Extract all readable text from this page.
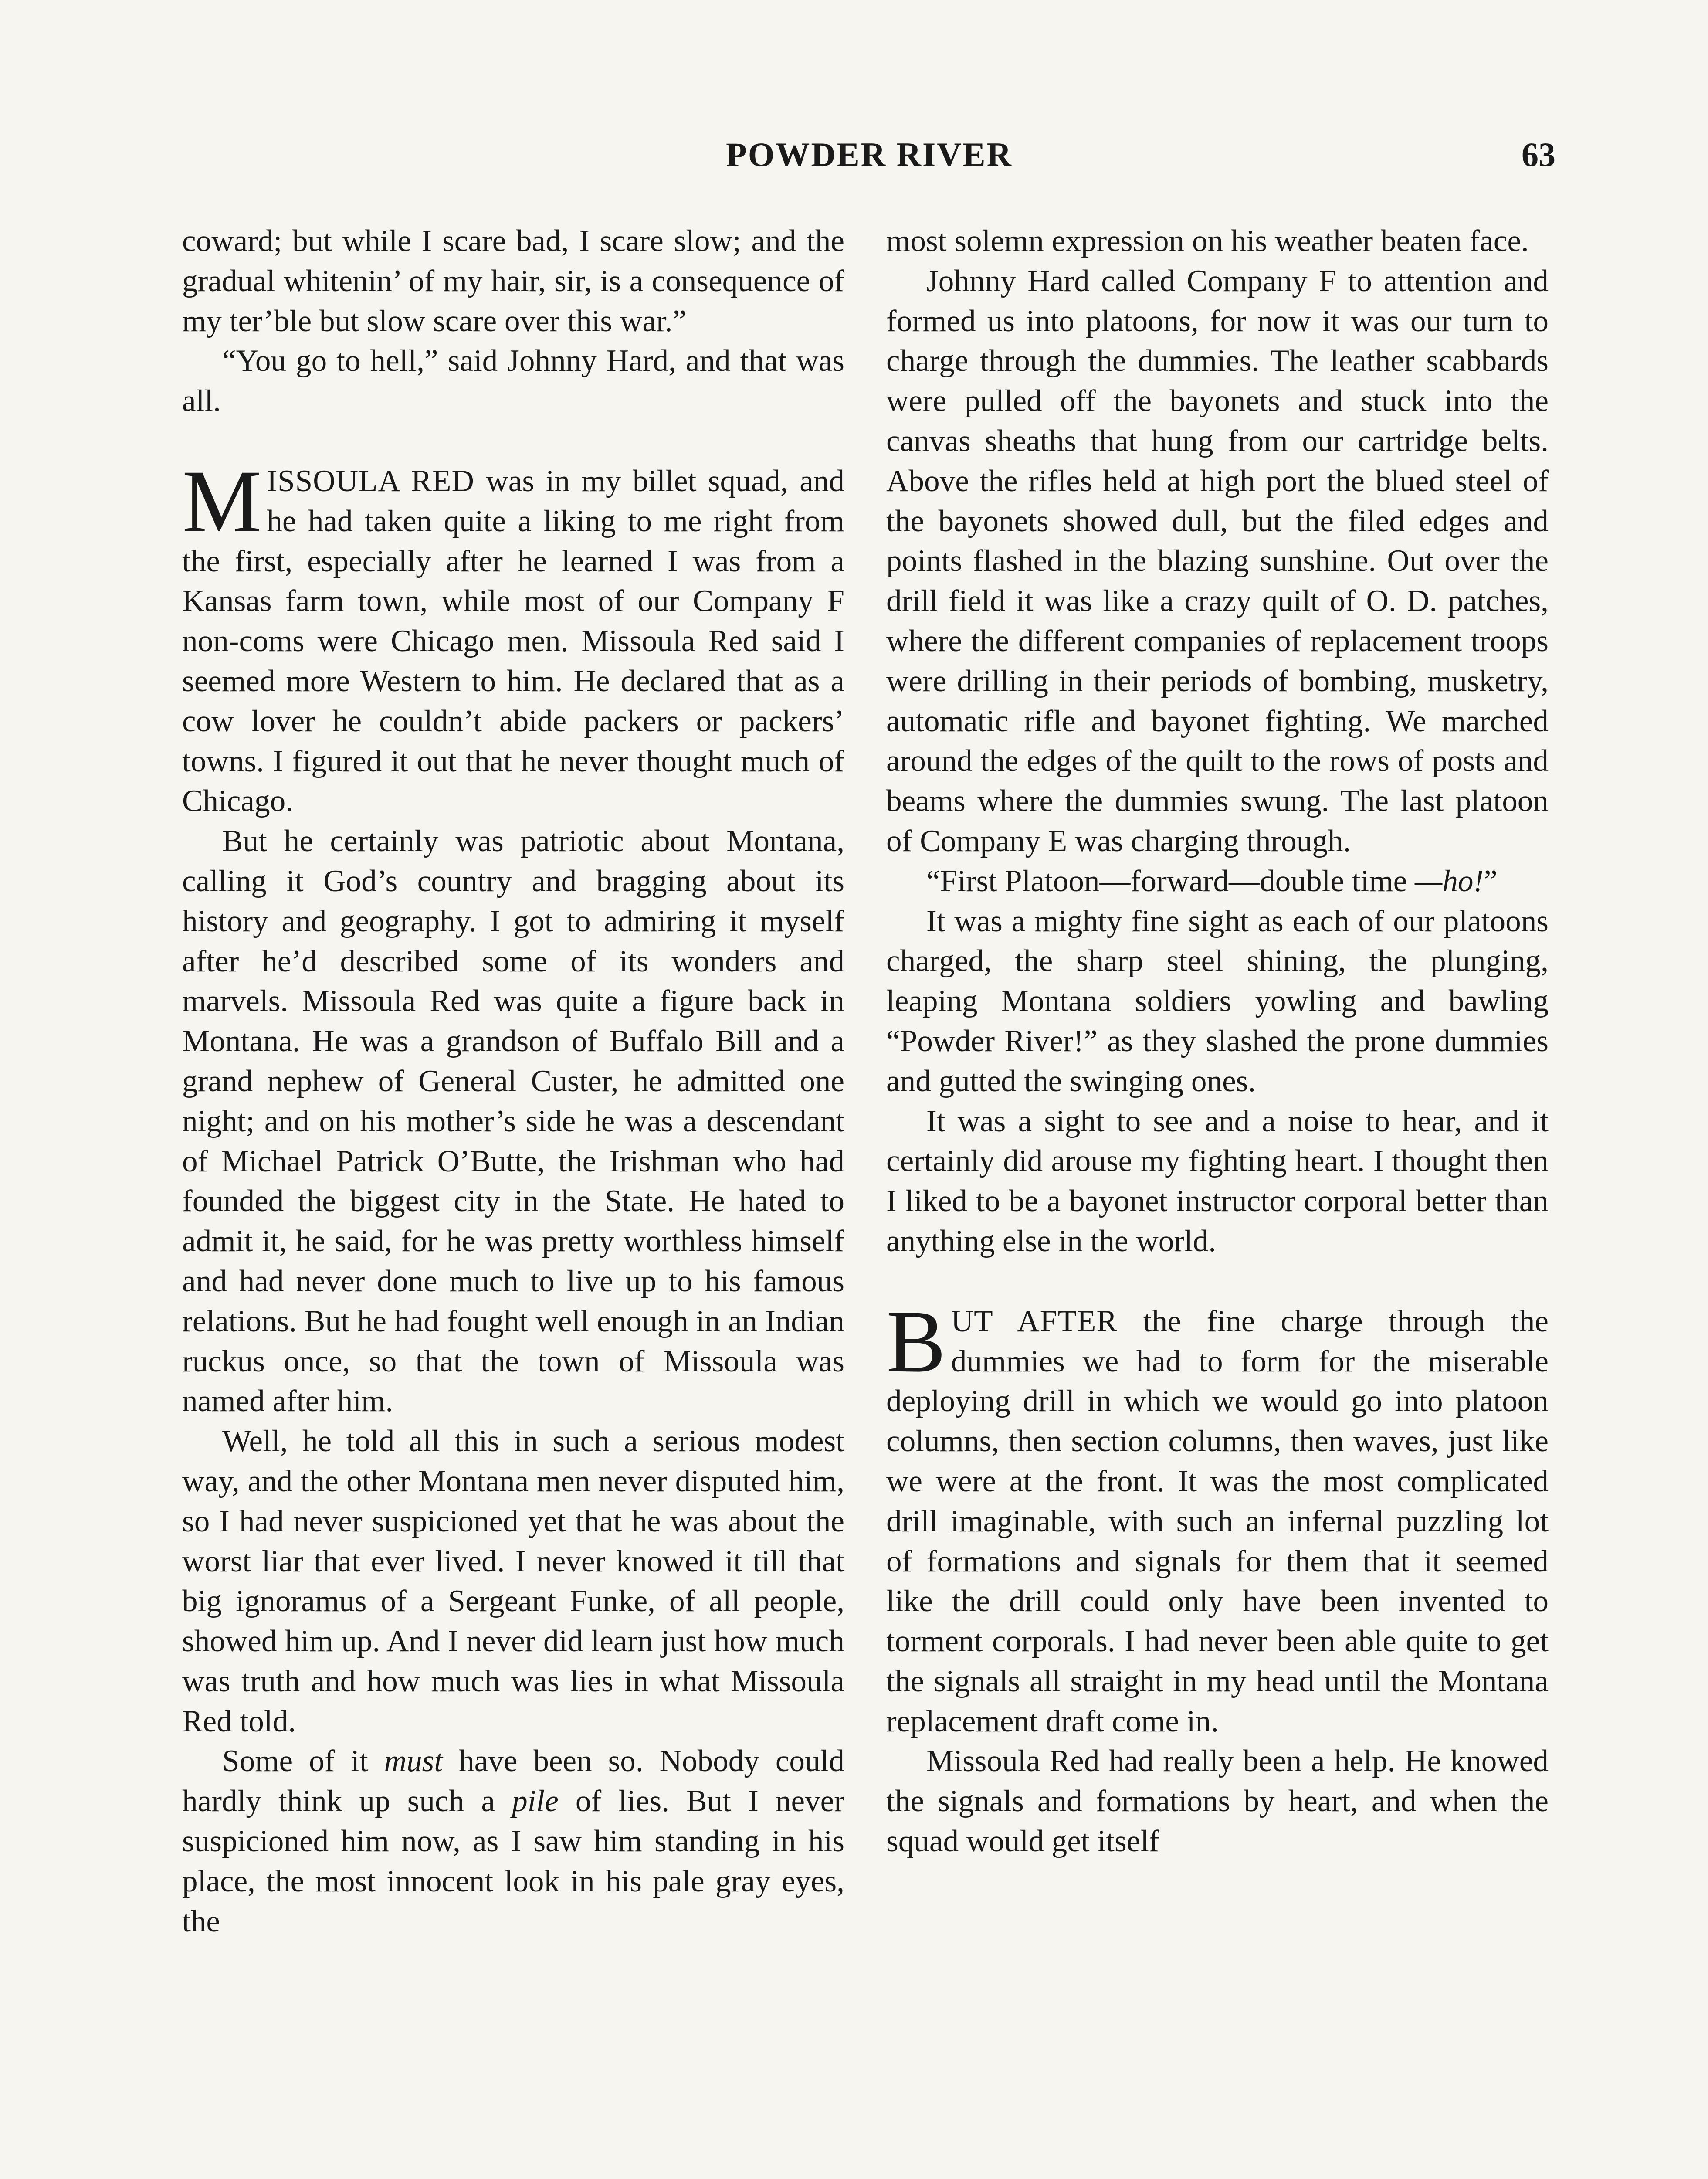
POWDER RIVER	63

coward; but while I scare bad, I scare slow; and the gradual whitenin’ of my hair, sir, is a consequence of my ter’ble but slow scare over this war.”

“You go to hell,” said Johnny Hard, and that was all.

MISSOULA RED was in my billet squad, and he had taken quite a liking to me right from the first, especially after he learned I was from a Kansas farm town, while most of our Company F non-coms were Chicago men. Missoula Red said I seemed more Western to him. He declared that as a cow lover he couldn’t abide packers or packers’ towns. I figured it out that he never thought much of Chicago.

But he certainly was patriotic about Montana, calling it God’s country and bragging about its history and geography. I got to admiring it myself after he’d described some of its wonders and marvels. Missoula Red was quite a figure back in Montana. He was a grandson of Buffalo Bill and a grand nephew of General Custer, he admitted one night; and on his mother’s side he was a descendant of Michael Patrick O’Butte, the Irishman who had founded the biggest city in the State. He hated to admit it, he said, for he was pretty worthless himself and had never done much to live up to his famous relations. But he had fought well enough in an Indian ruckus once, so that the town of Missoula was named after him.

Well, he told all this in such a serious modest way, and the other Montana men never disputed him, so I had never suspicioned yet that he was about the worst liar that ever lived. I never knowed it till that big ignoramus of a Sergeant Funke, of all people, showed him up. And I never did learn just how much was truth and how much was lies in what Missoula Red told.

Some of it must have been so. Nobody could hardly think up such a pile of lies. But I never suspicioned him now, as I saw him standing in his place, the most innocent look in his pale gray eyes, the

most solemn expression on his weather beaten face.

Johnny Hard called Company F to attention and formed us into platoons, for now it was our turn to charge through the dummies. The leather scabbards were pulled off the bayonets and stuck into the canvas sheaths that hung from our cartridge belts. Above the rifles held at high port the blued steel of the bayonets showed dull, but the filed edges and points flashed in the blazing sunshine. Out over the drill field it was like a crazy quilt of O. D. patches, where the different companies of replacement troops were drilling in their periods of bombing, musketry, automatic rifle and bayonet fighting. We marched around the edges of the quilt to the rows of posts and beams where the dummies swung. The last platoon of Company E was charging through.

“First Platoon—forward—double time —ho!”

It was a mighty fine sight as each of our platoons charged, the sharp steel shining, the plunging, leaping Montana soldiers yowling and bawling “Powder River!” as they slashed the prone dummies and gutted the swinging ones.

It was a sight to see and a noise to hear, and it certainly did arouse my fighting heart. I thought then I liked to be a bayonet instructor corporal better than anything else in the world.

BUT AFTER the fine charge through the dummies we had to form for the miserable deploying drill in which we would go into platoon columns, then section columns, then waves, just like we were at the front. It was the most complicated drill imaginable, with such an infernal puzzling lot of formations and signals for them that it seemed like the drill could only have been invented to torment corporals. I had never been able quite to get the signals all straight in my head until the Montana replacement draft come in.

Missoula Red had really been a help. He knowed the signals and formations by heart, and when the squad would get itself
